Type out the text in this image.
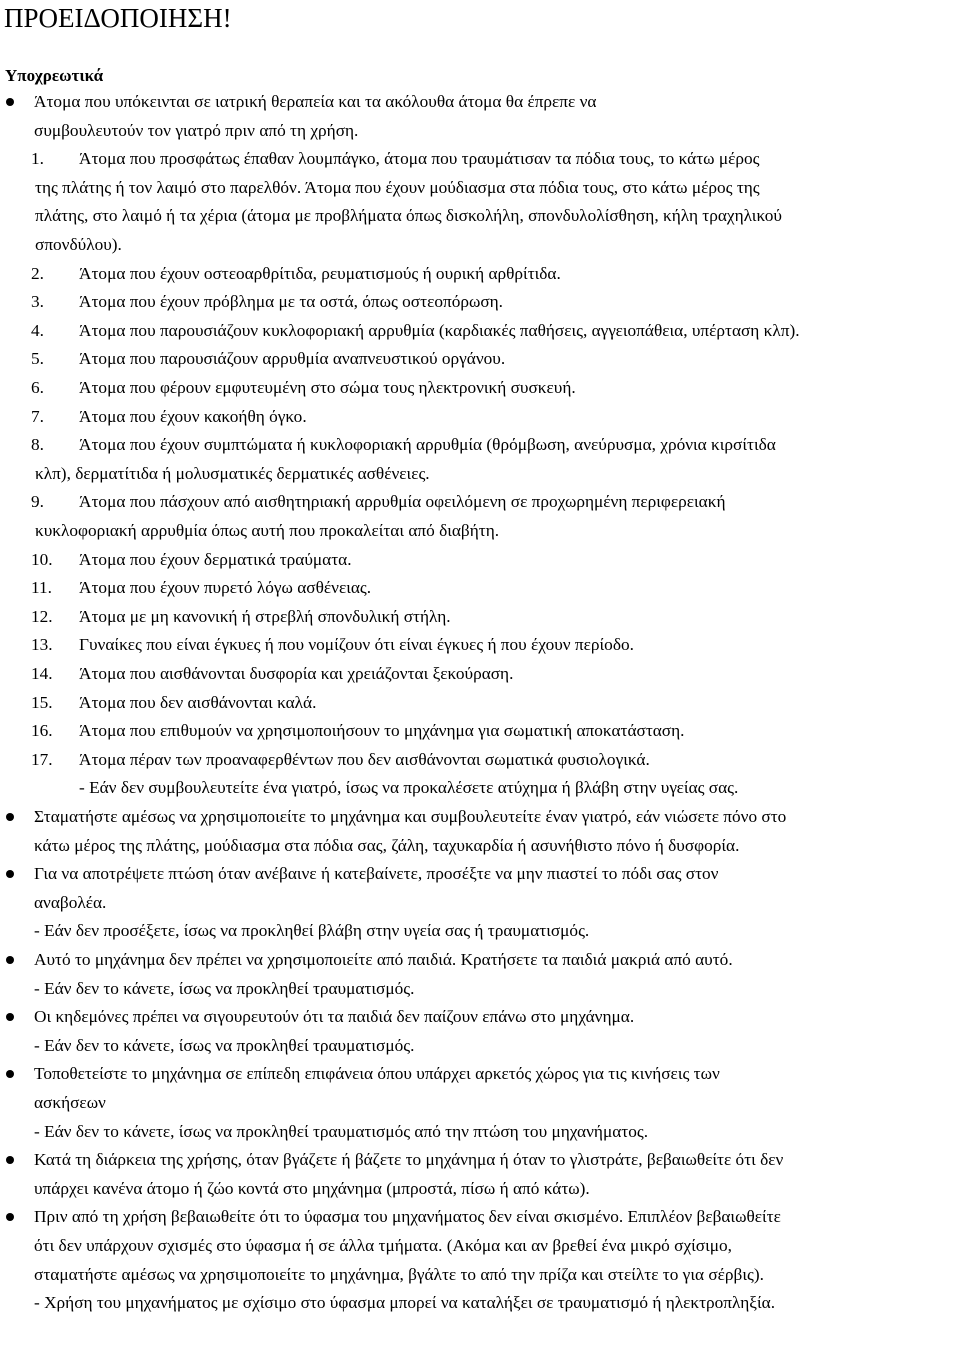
ΠΡΟΕΙΔΟΠΟΙΗΣΗ!
Υποχρεωτικά
Άτομα που υπόκεινται σε ιατρική θεραπεία και τα ακόλουθα άτομα θα έπρεπε να
συμβουλευτούν τον γιατρό πριν από τη χρήση.
1. Άτομα που προσφάτως έπαθαν λουμπάγκο, άτομα που τραυμάτισαν τα πόδια τους, το κάτω μέρος
της πλάτης ή τον λαιμό στο παρελθόν. Άτομα που έχουν μούδιασμα στα πόδια τους, στο κάτω μέρος της
πλάτης, στο λαιμό ή τα χέρια (άτομα με προβλήματα όπως δισκολήλη, σπονδυλολίσθηση, κήλη τραχηλικού
σπονδύλου).
2. Άτομα που έχουν οστεοαρθρίτιδα, ρευματισμούς ή ουρική αρθρίτιδα.
3. Άτομα που έχουν πρόβλημα με τα οστά, όπως οστεοπόρωση.
4. Άτομα που παρουσιάζουν κυκλοφοριακή αρρυθμία (καρδιακές παθήσεις, αγγειοπάθεια, υπέρταση κλπ).
5. Άτομα που παρουσιάζουν αρρυθμία αναπνευστικού οργάνου.
6. Άτομα που φέρουν εμφυτευμένη στο σώμα τους ηλεκτρονική συσκευή.
7. Άτομα που έχουν κακοήθη όγκο.
8. Άτομα που έχουν συμπτώματα ή κυκλοφοριακή αρρυθμία (θρόμβωση, ανεύρυσμα, χρόνια κιρσίτιδα
κλπ), δερματίτιδα ή μολυσματικές δερματικές ασθένειες.
9. Άτομα που πάσχουν από αισθητηριακή αρρυθμία οφειλόμενη σε προχωρημένη περιφερειακή
κυκλοφοριακή αρρυθμία όπως αυτή που προκαλείται από διαβήτη.
10. Άτομα που έχουν δερματικά τραύματα.
11. Άτομα που έχουν πυρετό λόγω ασθένειας.
12. Άτομα με μη κανονική ή στρεβλή σπονδυλική στήλη.
13. Γυναίκες που είναι έγκυες ή που νομίζουν ότι είναι έγκυες ή που έχουν περίοδο.
14. Άτομα που αισθάνονται δυσφορία και χρειάζονται ξεκούραση.
15. Άτομα που δεν αισθάνονται καλά.
16. Άτομα που επιθυμούν να χρησιμοποιήσουν το μηχάνημα για σωματική αποκατάσταση.
17. Άτομα πέραν των προαναφερθέντων που δεν αισθάνονται σωματικά φυσιολογικά.
- Εάν δεν συμβουλευτείτε ένα γιατρό, ίσως να προκαλέσετε ατύχημα ή βλάβη στην υγείας σας.
Σταματήστε αμέσως να χρησιμοποιείτε το μηχάνημα και συμβουλευτείτε έναν γιατρό, εάν νιώσετε πόνο στο
κάτω μέρος της πλάτης, μούδιασμα στα πόδια σας, ζάλη, ταχυκαρδία ή ασυνήθιστο πόνο ή δυσφορία.
Για να αποτρέψετε πτώση όταν ανέβαινε ή κατεβαίνετε, προσέξτε να μην πιαστεί το πόδι σας στον
αναβολέα.
- Εάν δεν προσέξετε, ίσως να προκληθεί βλάβη στην υγεία σας ή τραυματισμός.
Αυτό το μηχάνημα δεν πρέπει να χρησιμοποιείτε από παιδιά. Κρατήσετε τα παιδιά μακριά από αυτό.
- Εάν δεν το κάνετε, ίσως να προκληθεί τραυματισμός.
Οι κηδεμόνες πρέπει να σιγουρευτούν ότι τα παιδιά δεν παίζουν επάνω στο μηχάνημα.
- Εάν δεν το κάνετε, ίσως να προκληθεί τραυματισμός.
Τοποθετείστε το μηχάνημα σε επίπεδη επιφάνεια όπου υπάρχει αρκετός χώρος για τις κινήσεις των
ασκήσεων
- Εάν δεν το κάνετε, ίσως να προκληθεί τραυματισμός από την πτώση του μηχανήματος.
Κατά τη διάρκεια της χρήσης, όταν βγάζετε ή βάζετε το μηχάνημα ή όταν το γλιστράτε, βεβαιωθείτε ότι δεν
υπάρχει κανένα άτομο ή ζώο κοντά στο μηχάνημα (μπροστά, πίσω ή από κάτω).
Πριν από τη χρήση βεβαιωθείτε ότι το ύφασμα του μηχανήματος δεν είναι σκισμένο. Επιπλέον βεβαιωθείτε
ότι δεν υπάρχουν σχισμές στο ύφασμα ή σε άλλα τμήματα. (Ακόμα και αν βρεθεί ένα μικρό σχίσιμο,
σταματήστε αμέσως να χρησιμοποιείτε το μηχάνημα, βγάλτε το από την πρίζα και στείλτε το για σέρβις).
- Χρήση του μηχανήματος με σχίσιμο στο ύφασμα μπορεί να καταλήξει σε τραυματισμό ή ηλεκτροπληξία.
